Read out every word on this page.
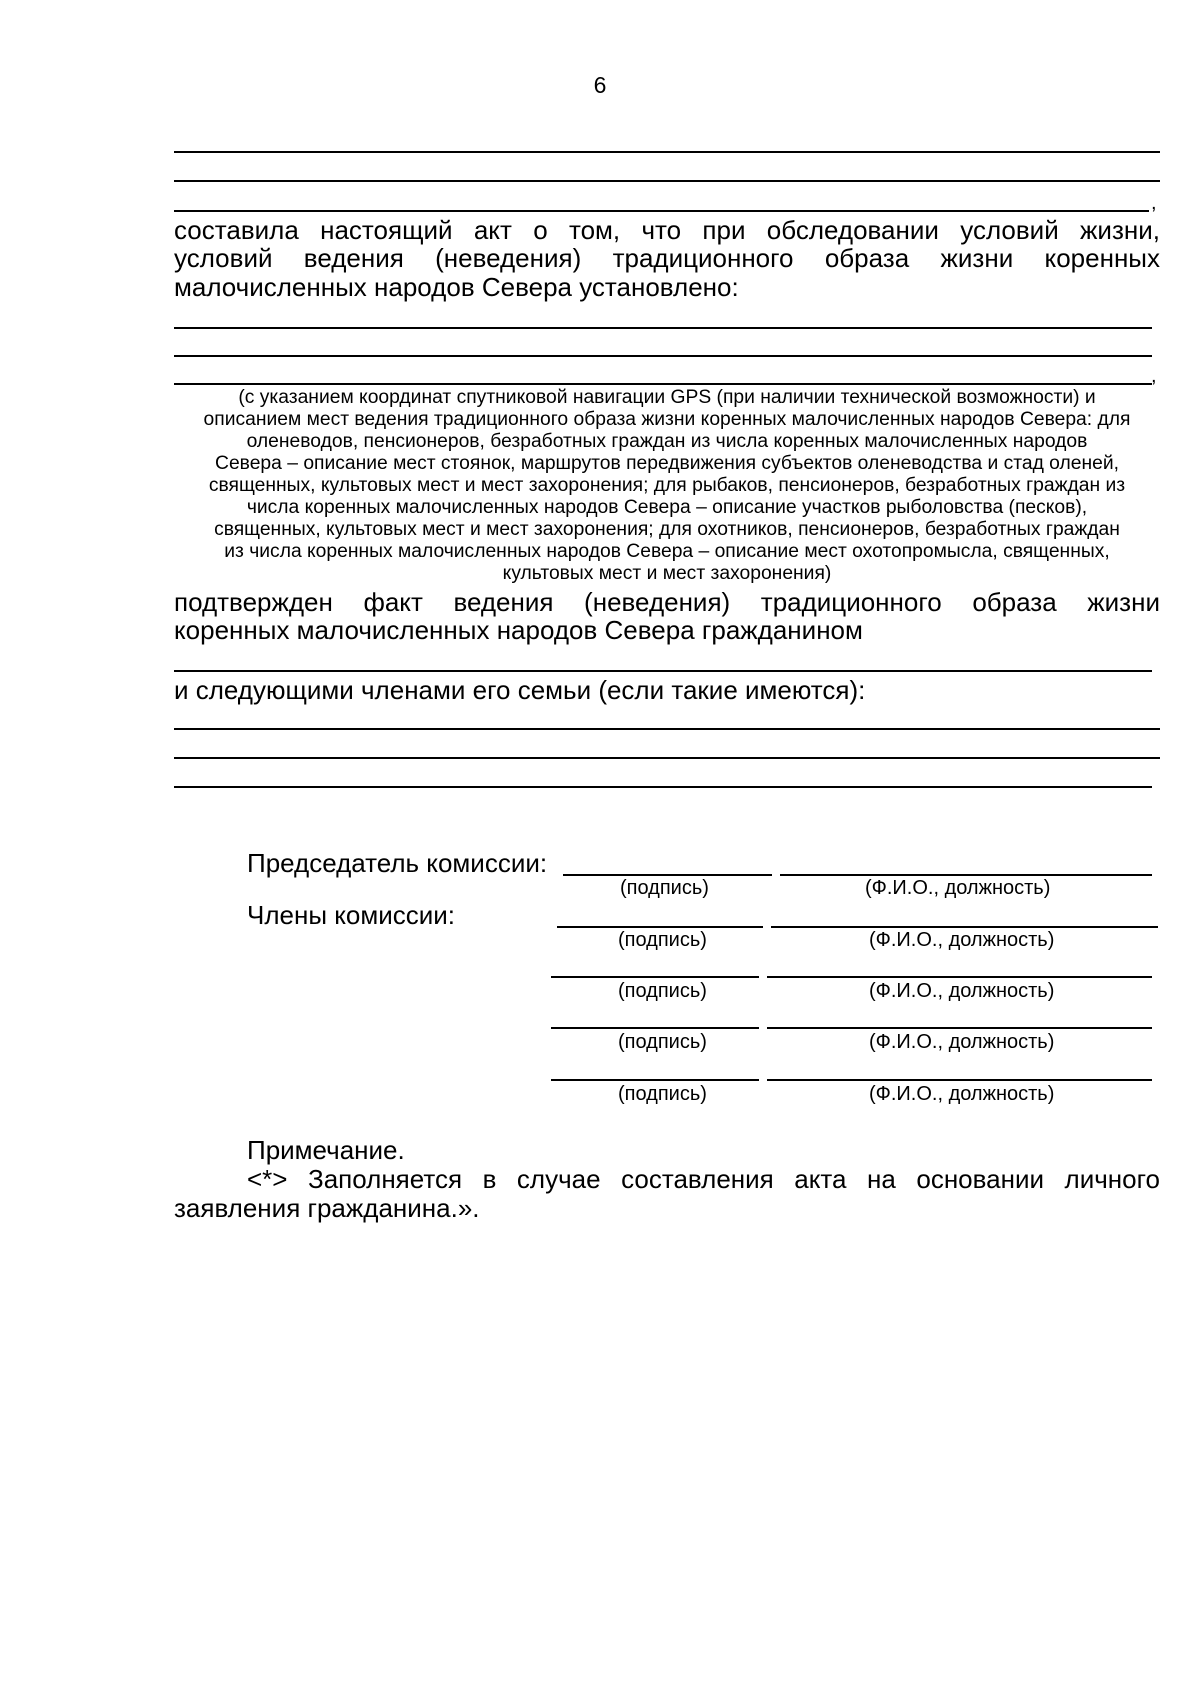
6
,
составила настоящий акт о том, что при обследовании условий жизни,
условий ведения (неведения) традиционного образа жизни коренных
малочисленных народов Севера установлено:
,
(с указанием координат спутниковой навигации GPS (при наличии технической возможности) и
описанием мест ведения традиционного образа жизни коренных малочисленных народов Севера: для
оленеводов, пенсионеров, безработных граждан из числа коренных малочисленных народов
Севера – описание мест стоянок, маршрутов передвижения субъектов оленеводства и стад оленей,
священных, культовых мест и мест захоронения; для рыбаков, пенсионеров, безработных граждан из
числа коренных малочисленных народов Севера – описание участков рыболовства (песков),
священных, культовых мест и мест захоронения; для охотников, пенсионеров, безработных граждан
из числа коренных малочисленных народов Севера – описание мест охотопромысла, священных,
культовых мест и мест захоронения)
подтвержден факт ведения (неведения) традиционного образа жизни
коренных малочисленных народов Севера гражданином
и следующими членами его семьи (если такие имеются):
Председатель комиссии:
(подпись)	(Ф.И.О., должность)
Члены комиссии:
(подпись)	(Ф.И.О., должность)
(подпись)	(Ф.И.О., должность)
(подпись)	(Ф.И.О., должность)
(подпись)	(Ф.И.О., должность)
Примечание.
<*> Заполняется в случае составления акта на основании личного
заявления гражданина.».
